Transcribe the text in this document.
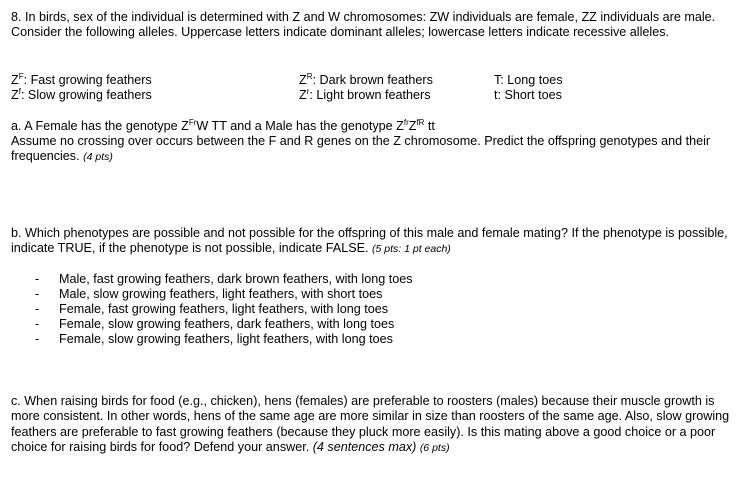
8. In birds, sex of the individual is determined with Z and W chromosomes: ZW individuals are female, ZZ individuals are male. Consider the following alleles. Uppercase letters indicate dominant alleles; lowercase letters indicate recessive alleles.
$Z^F$: Fast growing feathers
$Z^f$: Slow growing feathers
$Z^R$: Dark brown feathers
$Z^r$: Light brown feathers
T: Long toes
t: Short toes
a. A Female has the genotype $Z^{Fr}W$ TT and a Male has the genotype $Z^{fr}Z^{fR}$ tt
Assume no crossing over occurs between the F and R genes on the Z chromosome. Predict the offspring genotypes and their frequencies. (4 pts)
b. Which phenotypes are possible and not possible for the offspring of this male and female mating? If the phenotype is possible, indicate TRUE, if the phenotype is not possible, indicate FALSE. (5 pts: 1 pt each)
- Male, fast growing feathers, dark brown feathers, with long toes
- Male, slow growing feathers, light feathers, with short toes
- Female, fast growing feathers, light feathers, with long toes
- Female, slow growing feathers, dark feathers, with long toes
- Female, slow growing feathers, light feathers, with long toes
c. When raising birds for food (e.g., chicken), hens (females) are preferable to roosters (males) because their muscle growth is more consistent. In other words, hens of the same age are more similar in size than roosters of the same age. Also, slow growing feathers are preferable to fast growing feathers (because they pluck more easily). Is this mating above a good choice or a poor choice for raising birds for food? Defend your answer. (4 sentences max) (6 pts)
